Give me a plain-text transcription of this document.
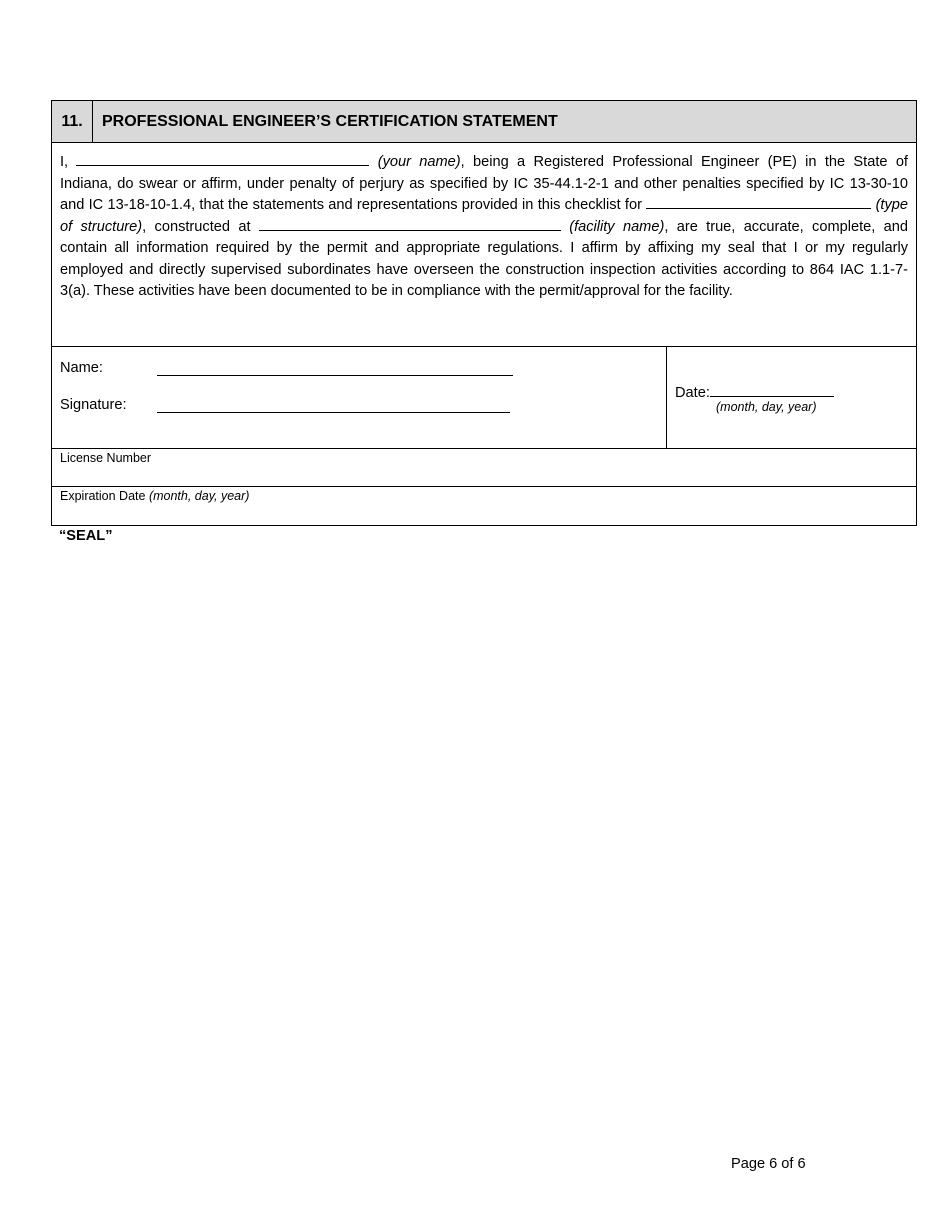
11.	PROFESSIONAL ENGINEER’S CERTIFICATION STATEMENT
I,	(your name), being a Registered Professional Engineer (PE) in the State of Indiana, do swear or affirm, under penalty of perjury as specified by IC 35-44.1-2-1 and other penalties specified by IC 13-30-10 and IC 13-18-10-1.4, that the statements and representations provided in this checklist for	(type of structure), constructed at	(facility name), are true, accurate, complete, and contain all information required by the permit and appropriate regulations. I affirm by affixing my seal that I or my regularly employed and directly supervised subordinates have overseen the construction inspection activities according to 864 IAC 1.1-7-3(a). These activities have been documented to be in compliance with the permit/approval for the facility.
Name:
Signature:
Date:
(month, day, year)
License Number
Expiration Date (month, day, year)
“SEAL”
Page 6 of 6
